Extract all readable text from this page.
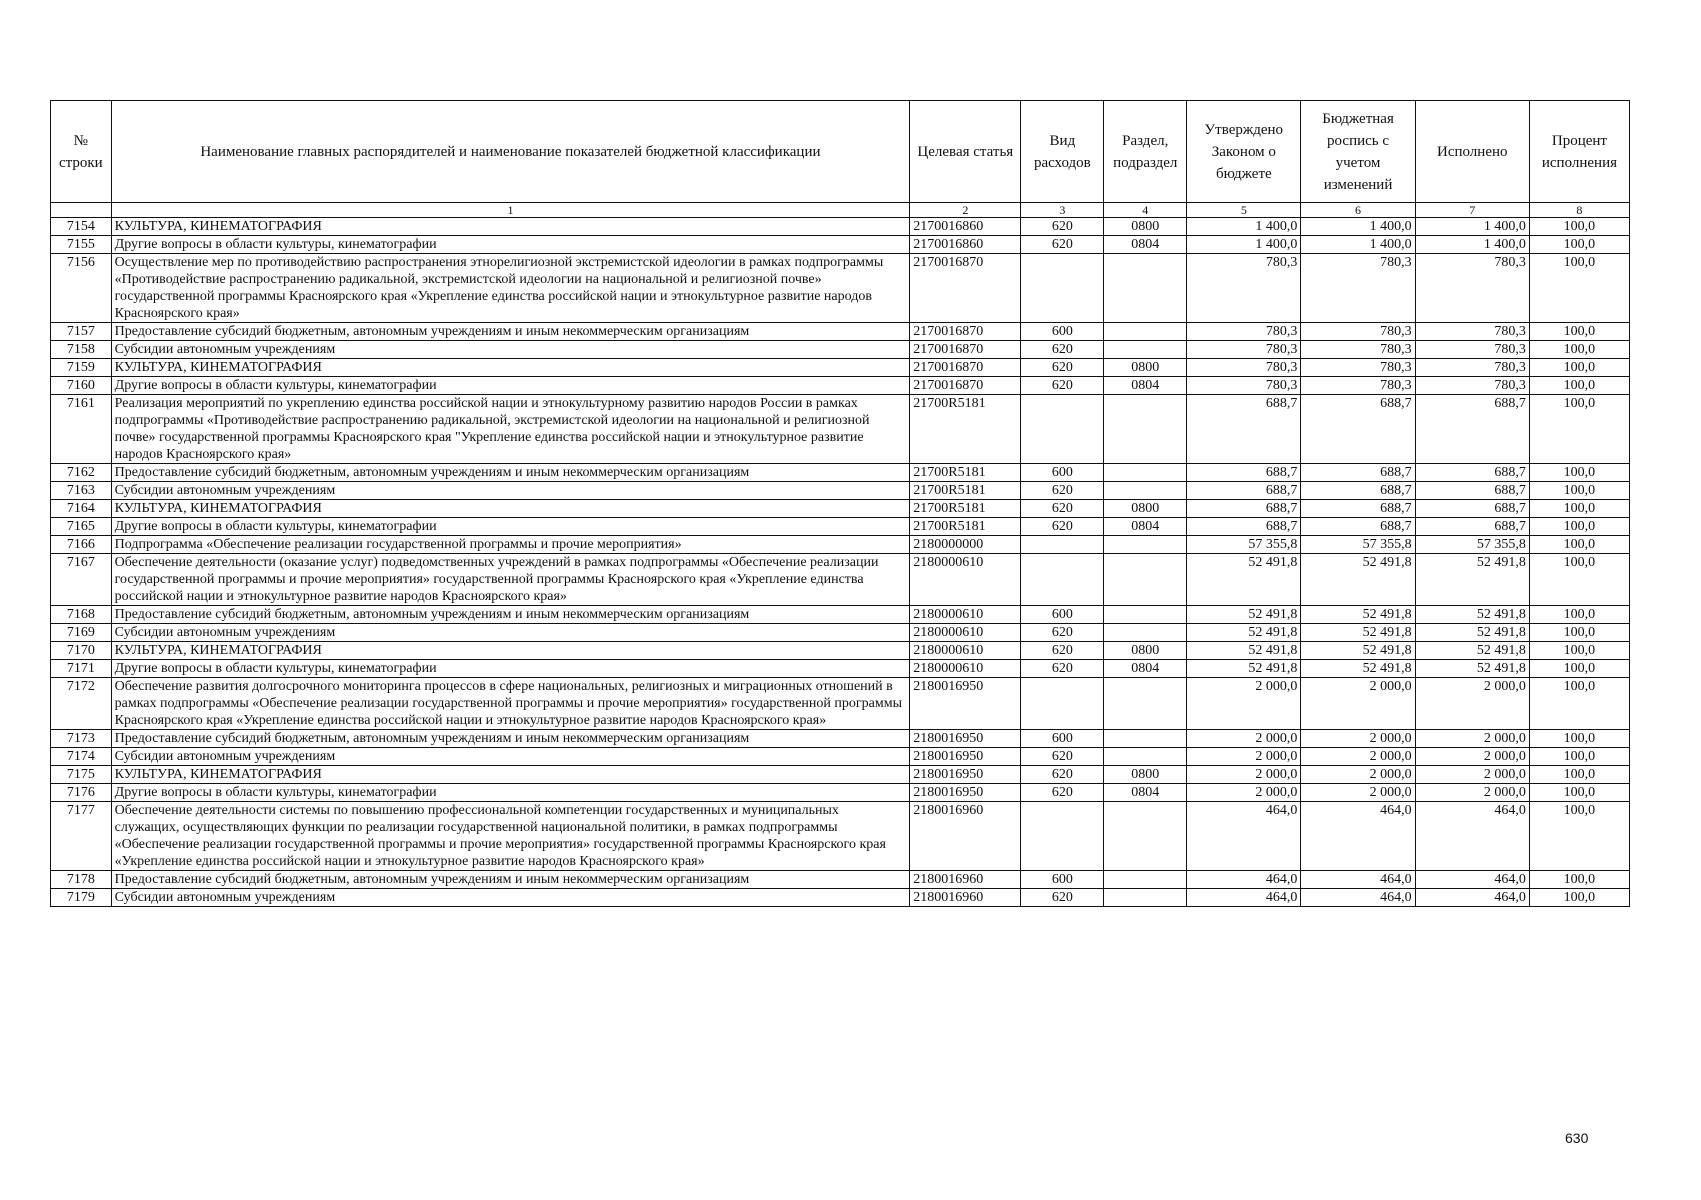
№ строки	Наименование главных распорядителей и наименование показателей бюджетной классификации	Целевая статья	Вид расходов	Раздел, подраздел	Утверждено Законом о бюджете	Бюджетная роспись с учетом изменений	Исполнено	Процент исполнения
	1	2	3	4	5	6	7	8
7154	КУЛЬТУРА, КИНЕМАТОГРАФИЯ	2170016860	620	0800	1 400,0	1 400,0	1 400,0	100,0
7155	Другие вопросы в области культуры, кинематографии	2170016860	620	0804	1 400,0	1 400,0	1 400,0	100,0
7156	Осуществление мер по противодействию распространения этнорелигиозной экстремистской идеологии в рамках подпрограммы «Противодействие распространению радикальной, экстремистской идеологии на национальной и религиозной почве» государственной программы Красноярского края «Укрепление единства российской нации и этнокультурное развитие народов Красноярского края»	2170016870			780,3	780,3	780,3	100,0
7157	Предоставление субсидий бюджетным, автономным учреждениям и иным некоммерческим организациям	2170016870	600		780,3	780,3	780,3	100,0
7158	Субсидии автономным учреждениям	2170016870	620		780,3	780,3	780,3	100,0
7159	КУЛЬТУРА, КИНЕМАТОГРАФИЯ	2170016870	620	0800	780,3	780,3	780,3	100,0
7160	Другие вопросы в области культуры, кинематографии	2170016870	620	0804	780,3	780,3	780,3	100,0
7161	Реализация мероприятий по укреплению единства российской нации и этнокультурному развитию народов России в рамках подпрограммы «Противодействие распространению радикальной, экстремистской идеологии на национальной и религиозной почве» государственной программы Красноярского края "Укрепление единства российской нации и этнокультурное развитие народов Красноярского края»	21700R5181			688,7	688,7	688,7	100,0
7162	Предоставление субсидий бюджетным, автономным учреждениям и иным некоммерческим организациям	21700R5181	600		688,7	688,7	688,7	100,0
7163	Субсидии автономным учреждениям	21700R5181	620		688,7	688,7	688,7	100,0
7164	КУЛЬТУРА, КИНЕМАТОГРАФИЯ	21700R5181	620	0800	688,7	688,7	688,7	100,0
7165	Другие вопросы в области культуры, кинематографии	21700R5181	620	0804	688,7	688,7	688,7	100,0
7166	Подпрограмма «Обеспечение реализации государственной программы и прочие мероприятия»	2180000000			57 355,8	57 355,8	57 355,8	100,0
7167	Обеспечение деятельности (оказание услуг) подведомственных учреждений в рамках подпрограммы «Обеспечение реализации государственной программы и прочие мероприятия» государственной программы Красноярского края «Укрепление единства российской нации и этнокультурное развитие народов Красноярского края»	2180000610			52 491,8	52 491,8	52 491,8	100,0
7168	Предоставление субсидий бюджетным, автономным учреждениям и иным некоммерческим организациям	2180000610	600		52 491,8	52 491,8	52 491,8	100,0
7169	Субсидии автономным учреждениям	2180000610	620		52 491,8	52 491,8	52 491,8	100,0
7170	КУЛЬТУРА, КИНЕМАТОГРАФИЯ	2180000610	620	0800	52 491,8	52 491,8	52 491,8	100,0
7171	Другие вопросы в области культуры, кинематографии	2180000610	620	0804	52 491,8	52 491,8	52 491,8	100,0
7172	Обеспечение развития долгосрочного мониторинга процессов в сфере национальных, религиозных и миграционных отношений в рамках подпрограммы «Обеспечение реализации государственной программы и прочие мероприятия» государственной программы Красноярского края «Укрепление единства российской нации и этнокультурное развитие народов Красноярского края»	2180016950			2 000,0	2 000,0	2 000,0	100,0
7173	Предоставление субсидий бюджетным, автономным учреждениям и иным некоммерческим организациям	2180016950	600		2 000,0	2 000,0	2 000,0	100,0
7174	Субсидии автономным учреждениям	2180016950	620		2 000,0	2 000,0	2 000,0	100,0
7175	КУЛЬТУРА, КИНЕМАТОГРАФИЯ	2180016950	620	0800	2 000,0	2 000,0	2 000,0	100,0
7176	Другие вопросы в области культуры, кинематографии	2180016950	620	0804	2 000,0	2 000,0	2 000,0	100,0
7177	Обеспечение деятельности системы по повышению профессиональной компетенции государственных и муниципальных служащих, осуществляющих функции по реализации государственной национальной политики, в рамках подпрограммы «Обеспечение реализации государственной программы и прочие мероприятия» государственной программы Красноярского края «Укрепление единства российской нации и этнокультурное развитие народов Красноярского края»	2180016960			464,0	464,0	464,0	100,0
7178	Предоставление субсидий бюджетным, автономным учреждениям и иным некоммерческим организациям	2180016960	600		464,0	464,0	464,0	100,0
7179	Субсидии автономным учреждениям	2180016960	620		464,0	464,0	464,0	100,0
630
